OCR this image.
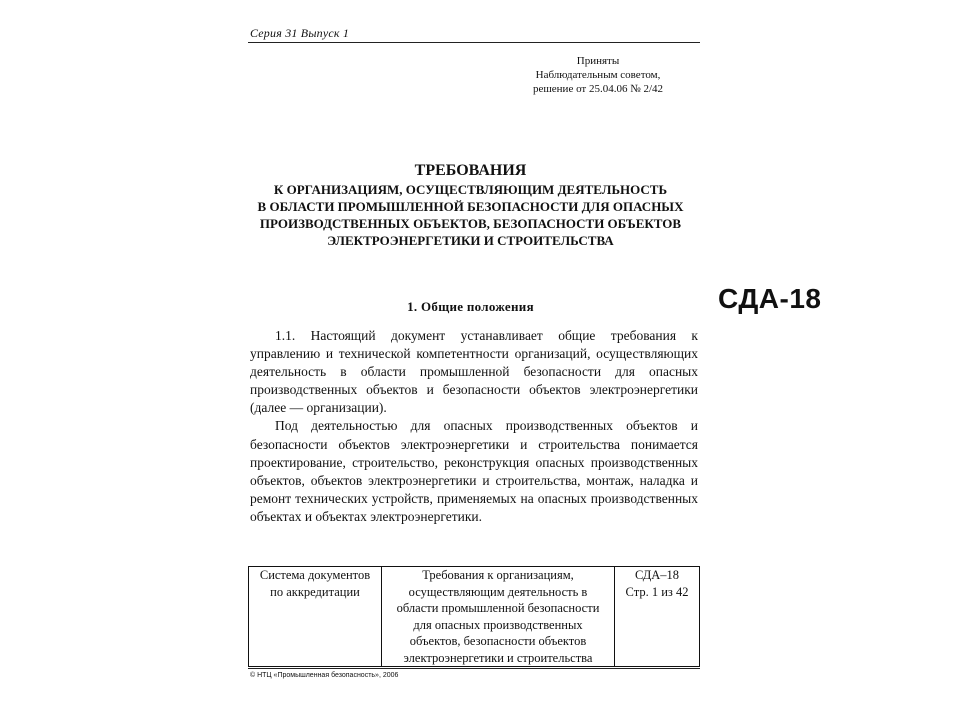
Серия 31 Выпуск 1
Приняты
Наблюдательным советом,
решение от 25.04.06 № 2/42
ТРЕБОВАНИЯ
К ОРГАНИЗАЦИЯМ, ОСУЩЕСТВЛЯЮЩИМ ДЕЯТЕЛЬНОСТЬ
В ОБЛАСТИ ПРОМЫШЛЕННОЙ БЕЗОПАСНОСТИ ДЛЯ ОПАСНЫХ
ПРОИЗВОДСТВЕННЫХ ОБЪЕКТОВ, БЕЗОПАСНОСТИ ОБЪЕКТОВ
ЭЛЕКТРОЭНЕРГЕТИКИ И СТРОИТЕЛЬСТВА
1. Общие положения

1.1. Настоящий документ устанавливает общие требования к управлению и технической компетентности организаций, осуществляющих деятельность в области промышленной безопасности для опасных производственных объектов и безопасности объектов электроэнергетики (далее — организации).

Под деятельностью для опасных производственных объектов и безопасности объектов электроэнергетики и строительства понимается проектирование, строительство, реконструкция опасных производственных объектов, объектов электроэнергетики и строительства, монтаж, наладка и ремонт технических устройств, применяемых на опасных производственных объектах и объектах электроэнергетики.

Система документов
по аккредитации

Требования к организациям,
осуществляющим деятельность в
области промышленной безопасности
для опасных производственных
объектов, безопасности объектов
электроэнергетики и строительства

СДА–18
Стр. 1 из 42
© НТЦ «Промышленная безопасность», 2006
СДА-18
